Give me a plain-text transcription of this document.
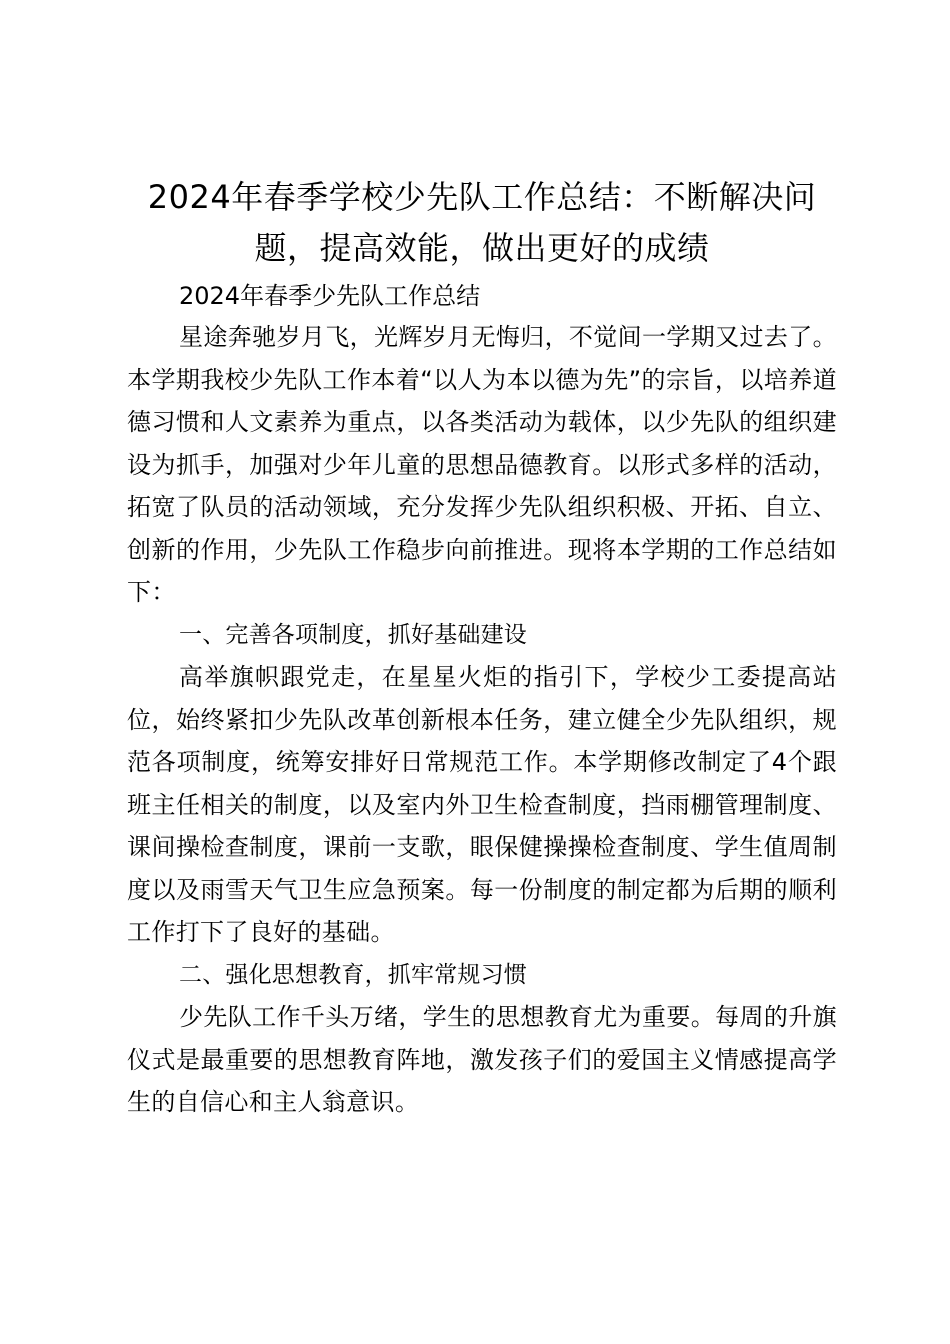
2024年春季学校少先队工作总结：不断解决问题，提高效能，做出更好的成绩

2024年春季少先队工作总结

星途奔驰岁月飞，光辉岁月无悔归，不觉间一学期又过去了。本学期我校少先队工作本着“以人为本以德为先”的宗旨，以培养道德习惯和人文素养为重点，以各类活动为载体，以少先队的组织建设为抓手，加强对少年儿童的思想品德教育。以形式多样的活动，拓宽了队员的活动领域，充分发挥少先队组织积极、开拓、自立、创新的作用，少先队工作稳步向前推进。现将本学期的工作总结如下：

一、完善各项制度，抓好基础建设

高举旗帜跟党走，在星星火炬的指引下，学校少工委提高站位，始终紧扣少先队改革创新根本任务，建立健全少先队组织，规范各项制度，统筹安排好日常规范工作。本学期修改制定了4个跟班主任相关的制度，以及室内外卫生检查制度，挡雨棚管理制度、课间操检查制度，课前一支歌，眼保健操操检查制度、学生值周制度以及雨雪天气卫生应急预案。每一份制度的制定都为后期的顺利工作打下了良好的基础。

二、强化思想教育，抓牢常规习惯

少先队工作千头万绪，学生的思想教育尤为重要。每周的升旗仪式是最重要的思想教育阵地，激发孩子们的爱国主义情感提高学生的自信心和主人翁意识。
